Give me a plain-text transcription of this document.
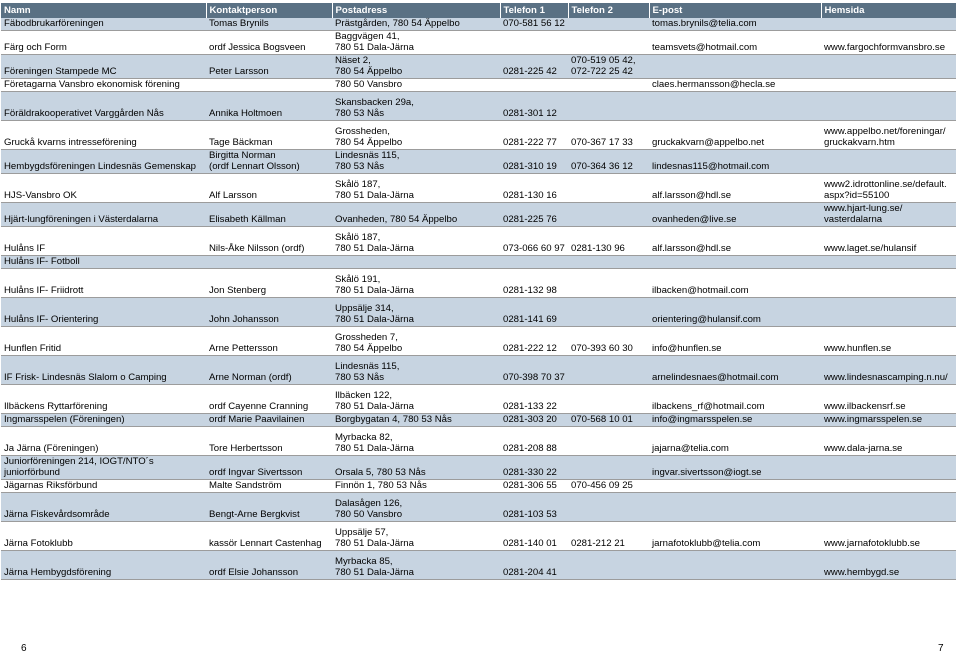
Namn	Kontaktperson	Postadress	Telefon 1	Telefon 2	E-post	Hemsida
Fäbodbrukarföreningen	Tomas Brynils	Prästgården, 780 54 Äppelbo	070-581 56 12		tomas.brynils@telia.com	
Färg och Form	ordf Jessica Bogsveen	Baggvägen 41,
780 51 Dala-Järna			teamsvets@hotmail.com	www.fargochformvansbro.se
Föreningen Stampede MC	Peter Larsson	Näset 2,
780 54 Äppelbo	0281-225 42	070-519 05 42,
072-722 25 42		
Företagarna Vansbro ekonomisk förening		780 50 Vansbro			claes.hermansson@hecla.se	
Föräldrakooperativet Varggården Nås	Annika Holtmoen	Skansbacken 29a,
780 53 Nås	0281-301 12			
Gruckå kvarns intresseförening	Tage Bäckman	Grossheden,
780 54 Äppelbo	0281-222 77	070-367 17 33	gruckakvarn@appelbo.net	www.appelbo.net/foreningar/
gruckakvarn.htm
Hembygdsföreningen Lindesnäs Gemenskap	Birgitta Norman
(ordf Lennart Olsson)	Lindesnäs 115,
780 53 Nås	0281-310 19	070-364 36 12	lindesnas115@hotmail.com	
HJS-Vansbro OK	Alf Larsson	Skålö 187,
780 51 Dala-Järna	0281-130 16		alf.larsson@hdl.se	www2.idrottonline.se/default.
aspx?id=55100
Hjärt-lungföreningen i Västerdalarna	Elisabeth Källman	Ovanheden, 780 54 Äppelbo	0281-225 76		ovanheden@live.se	www.hjart-lung.se/
vasterdalarna
Hulåns IF	Nils-Åke Nilsson (ordf)	Skålö 187,
780 51 Dala-Järna	073-066 60 97	0281-130 96	alf.larsson@hdl.se	www.laget.se/hulansif
Hulåns IF- Fotboll						
Hulåns IF- Friidrott	Jon Stenberg	Skålö 191,
780 51 Dala-Järna	0281-132 98		ilbacken@hotmail.com	
Hulåns IF- Orientering	John Johansson	Uppsälje 314,
780 51 Dala-Järna	0281-141 69		orientering@hulansif.com	
Hunflen Fritid	Arne Pettersson	Grossheden 7,
780 54 Äppelbo	0281-222 12	070-393 60 30	info@hunflen.se	www.hunflen.se
IF Frisk- Lindesnäs Slalom o Camping	Arne Norman (ordf)	Lindesnäs 115,
780 53 Nås	070-398 70 37		arnelindesnaes@hotmail.com	www.lindesnascamping.n.nu/
Ilbäckens Ryttarförening	ordf Cayenne Cranning	Ilbäcken 122,
780 51 Dala-Järna	0281-133 22		ilbackens_rf@hotmail.com	www.ilbackensrf.se
Ingmarsspelen (Föreningen)	ordf Marie Paavilainen	Borgbygatan 4, 780 53 Nås	0281-303 20	070-568 10 01	info@ingmarsspelen.se	www.ingmarsspelen.se
Ja Järna (Föreningen)	Tore Herbertsson	Myrbacka 82,
780 51 Dala-Järna	0281-208 88		jajarna@telia.com	www.dala-jarna.se
Juniorföreningen 214, IOGT/NTO´s
juniorförbund	ordf Ingvar Sivertsson	Orsala 5, 780 53 Nås	0281-330 22		ingvar.sivertsson@iogt.se	
Jägarnas Riksförbund	Malte Sandström	Finnön 1, 780 53 Nås	0281-306 55	070-456 09 25		
Järna Fiskevårdsområde	Bengt-Arne Bergkvist	Dalasågen 126,
780 50 Vansbro	0281-103 53			
Järna Fotoklubb	kassör Lennart Castenhag	Uppsälje 57,
780 51 Dala-Järna	0281-140 01	0281-212 21	jarnafotoklubb@telia.com	www.jarnafotoklubb.se
Järna Hembygdsförening	ordf Elsie Johansson	Myrbacka 85,
780 51 Dala-Järna	0281-204 41			www.hembygd.se
6	7
